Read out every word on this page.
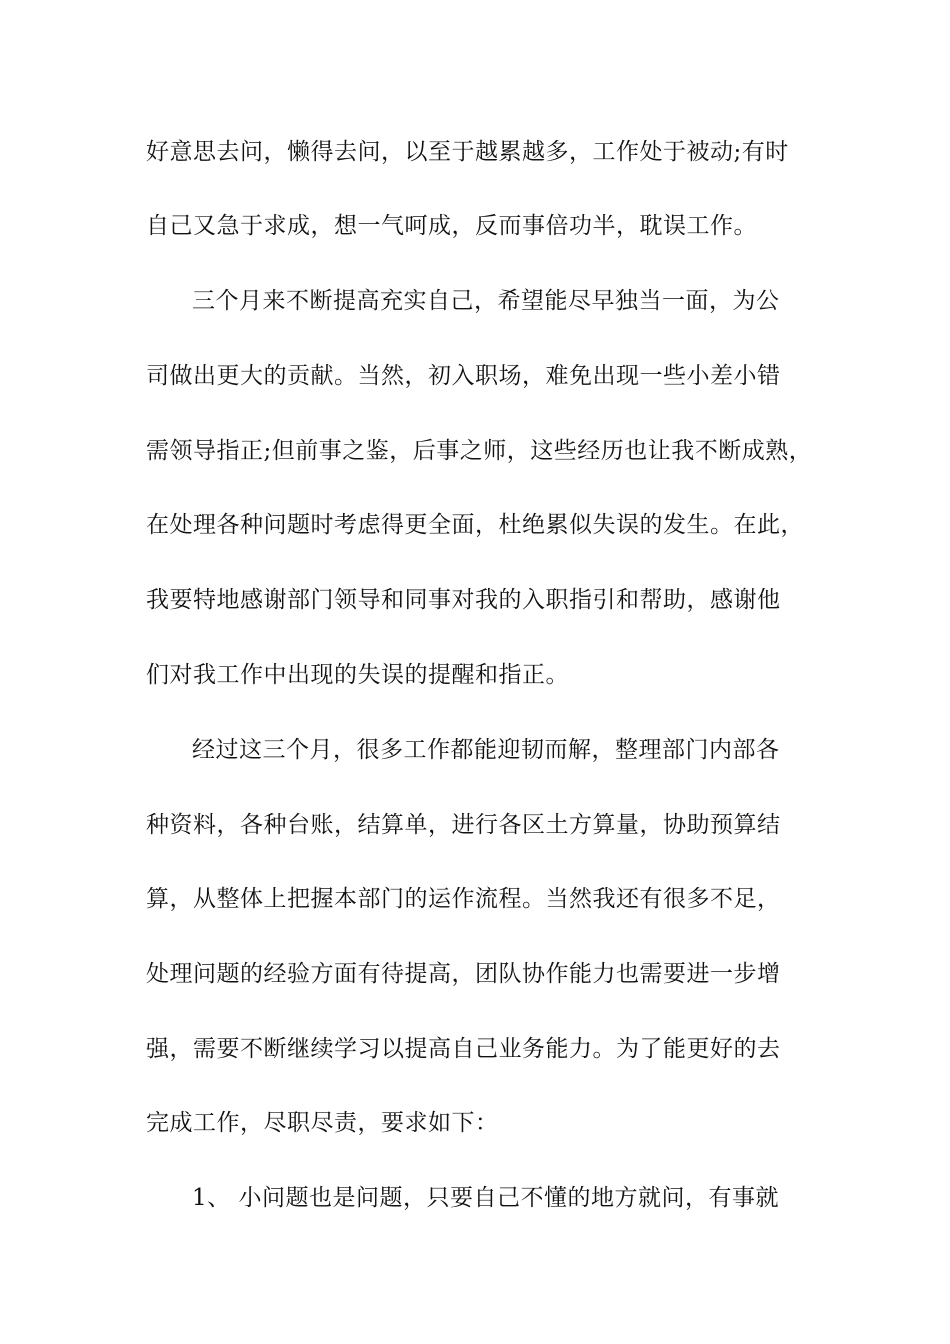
好意思去问，懒得去问，以至于越累越多，工作处于被动;有时
自己又急于求成，想一气呵成，反而事倍功半，耽误工作。
三个月来不断提高充实自己，希望能尽早独当一面，为公
司做出更大的贡献。当然，初入职场，难免出现一些小差小错
需领导指正;但前事之鉴，后事之师，这些经历也让我不断成熟，
在处理各种问题时考虑得更全面，杜绝累似失误的发生。在此，
我要特地感谢部门领导和同事对我的入职指引和帮助，感谢他
们对我工作中出现的失误的提醒和指正。
经过这三个月，很多工作都能迎韧而解，整理部门内部各
种资料，各种台账，结算单，进行各区土方算量，协助预算结
算，从整体上把握本部门的运作流程。当然我还有很多不足，
处理问题的经验方面有待提高，团队协作能力也需要进一步增
强，需要不断继续学习以提高自己业务能力。为了能更好的去
完成工作，尽职尽责，要求如下：
1、 小问题也是问题，只要自己不懂的地方就问，有事就
